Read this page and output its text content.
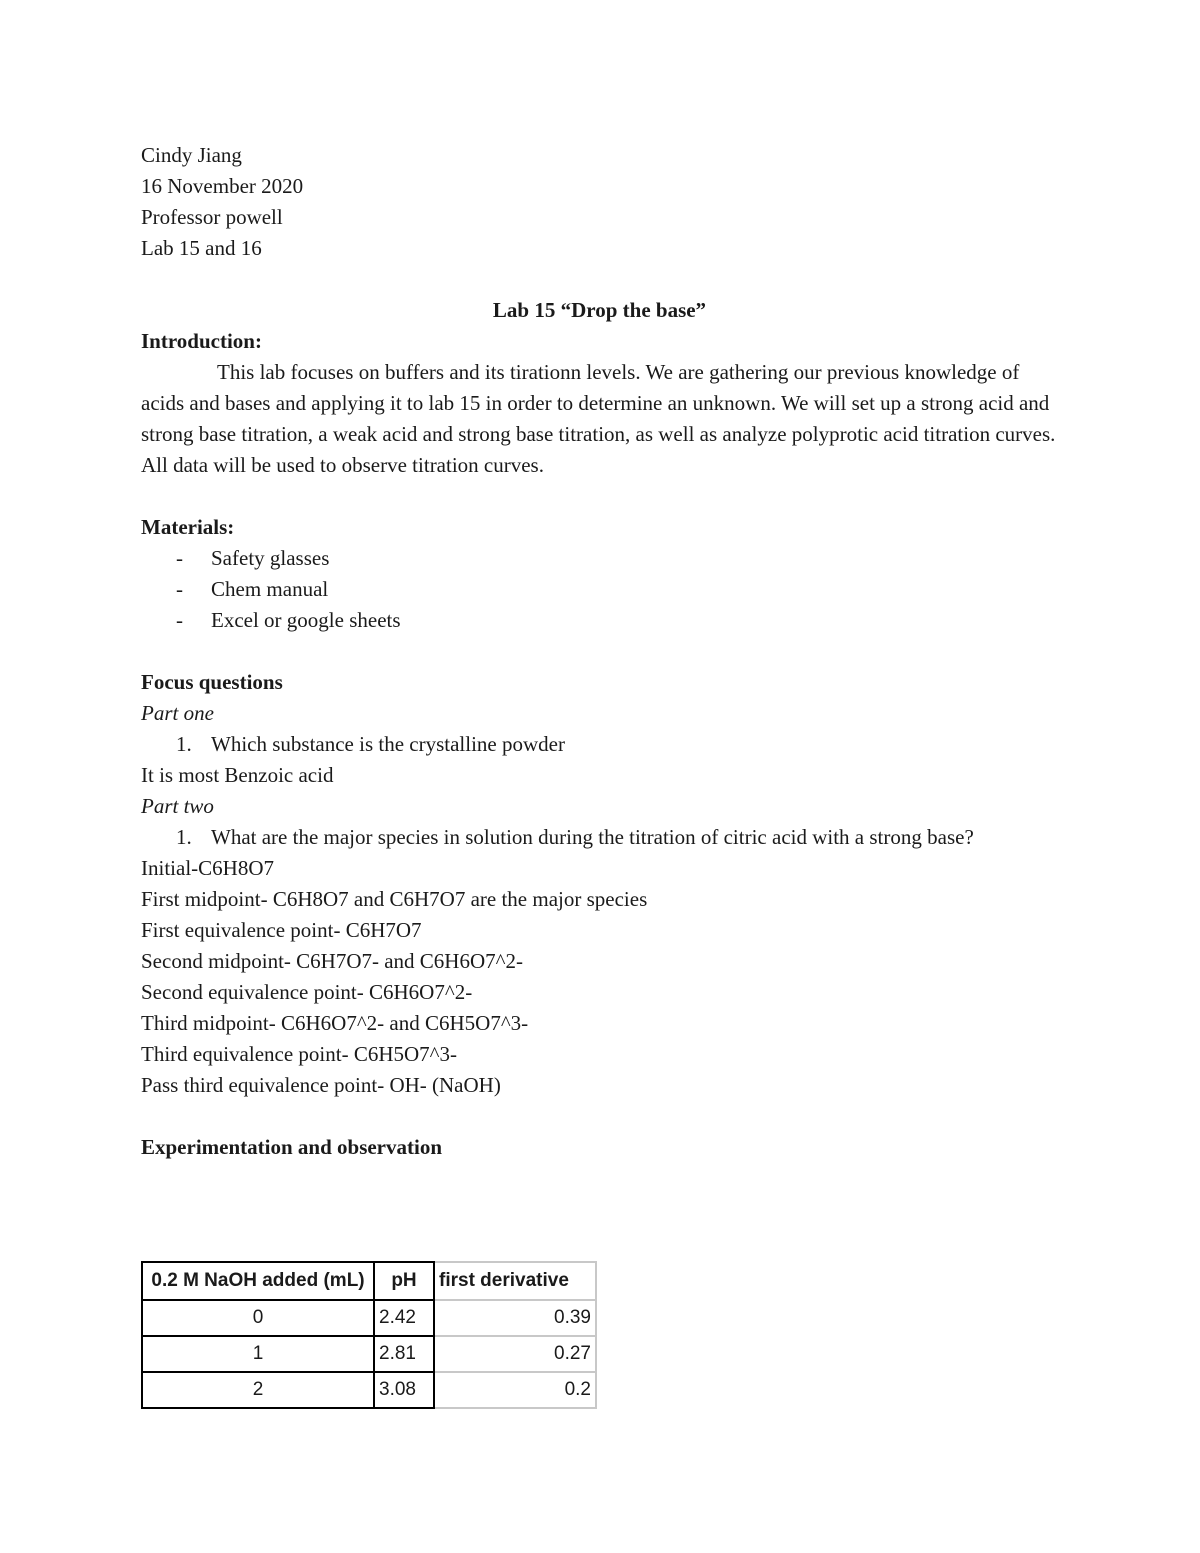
Cindy Jiang
16 November 2020
Professor powell
Lab 15 and 16
Lab 15 “Drop the base”
Introduction:
This lab focuses on buffers and its tirationn levels. We are gathering our previous knowledge of acids and bases and applying it to lab 15 in order to determine an unknown. We will set up a strong acid and strong base titration, a weak acid and strong base titration, as well as analyze polyprotic acid titration curves. All data will be used to observe titration curves.
Materials:
- Safety glasses
- Chem manual
- Excel or google sheets
Focus questions
Part one
1. Which substance is the crystalline powder
It is most Benzoic acid
Part two
1. What are the major species in solution during the titration of citric acid with a strong base?
Initial-C6H8O7
First midpoint- C6H8O7 and C6H7O7 are the major species
First equivalence point- C6H7O7
Second midpoint- C6H7O7- and C6H6O7^2-
Second equivalence point- C6H6O7^2-
Third midpoint- C6H6O7^2- and C6H5O7^3-
Third equivalence point- C6H5O7^3-
Pass third equivalence point- OH- (NaOH)
Experimentation and observation
0.2 M NaOH added (mL)	pH	first derivative
0	2.42	0.39
1	2.81	0.27
2	3.08	0.2
